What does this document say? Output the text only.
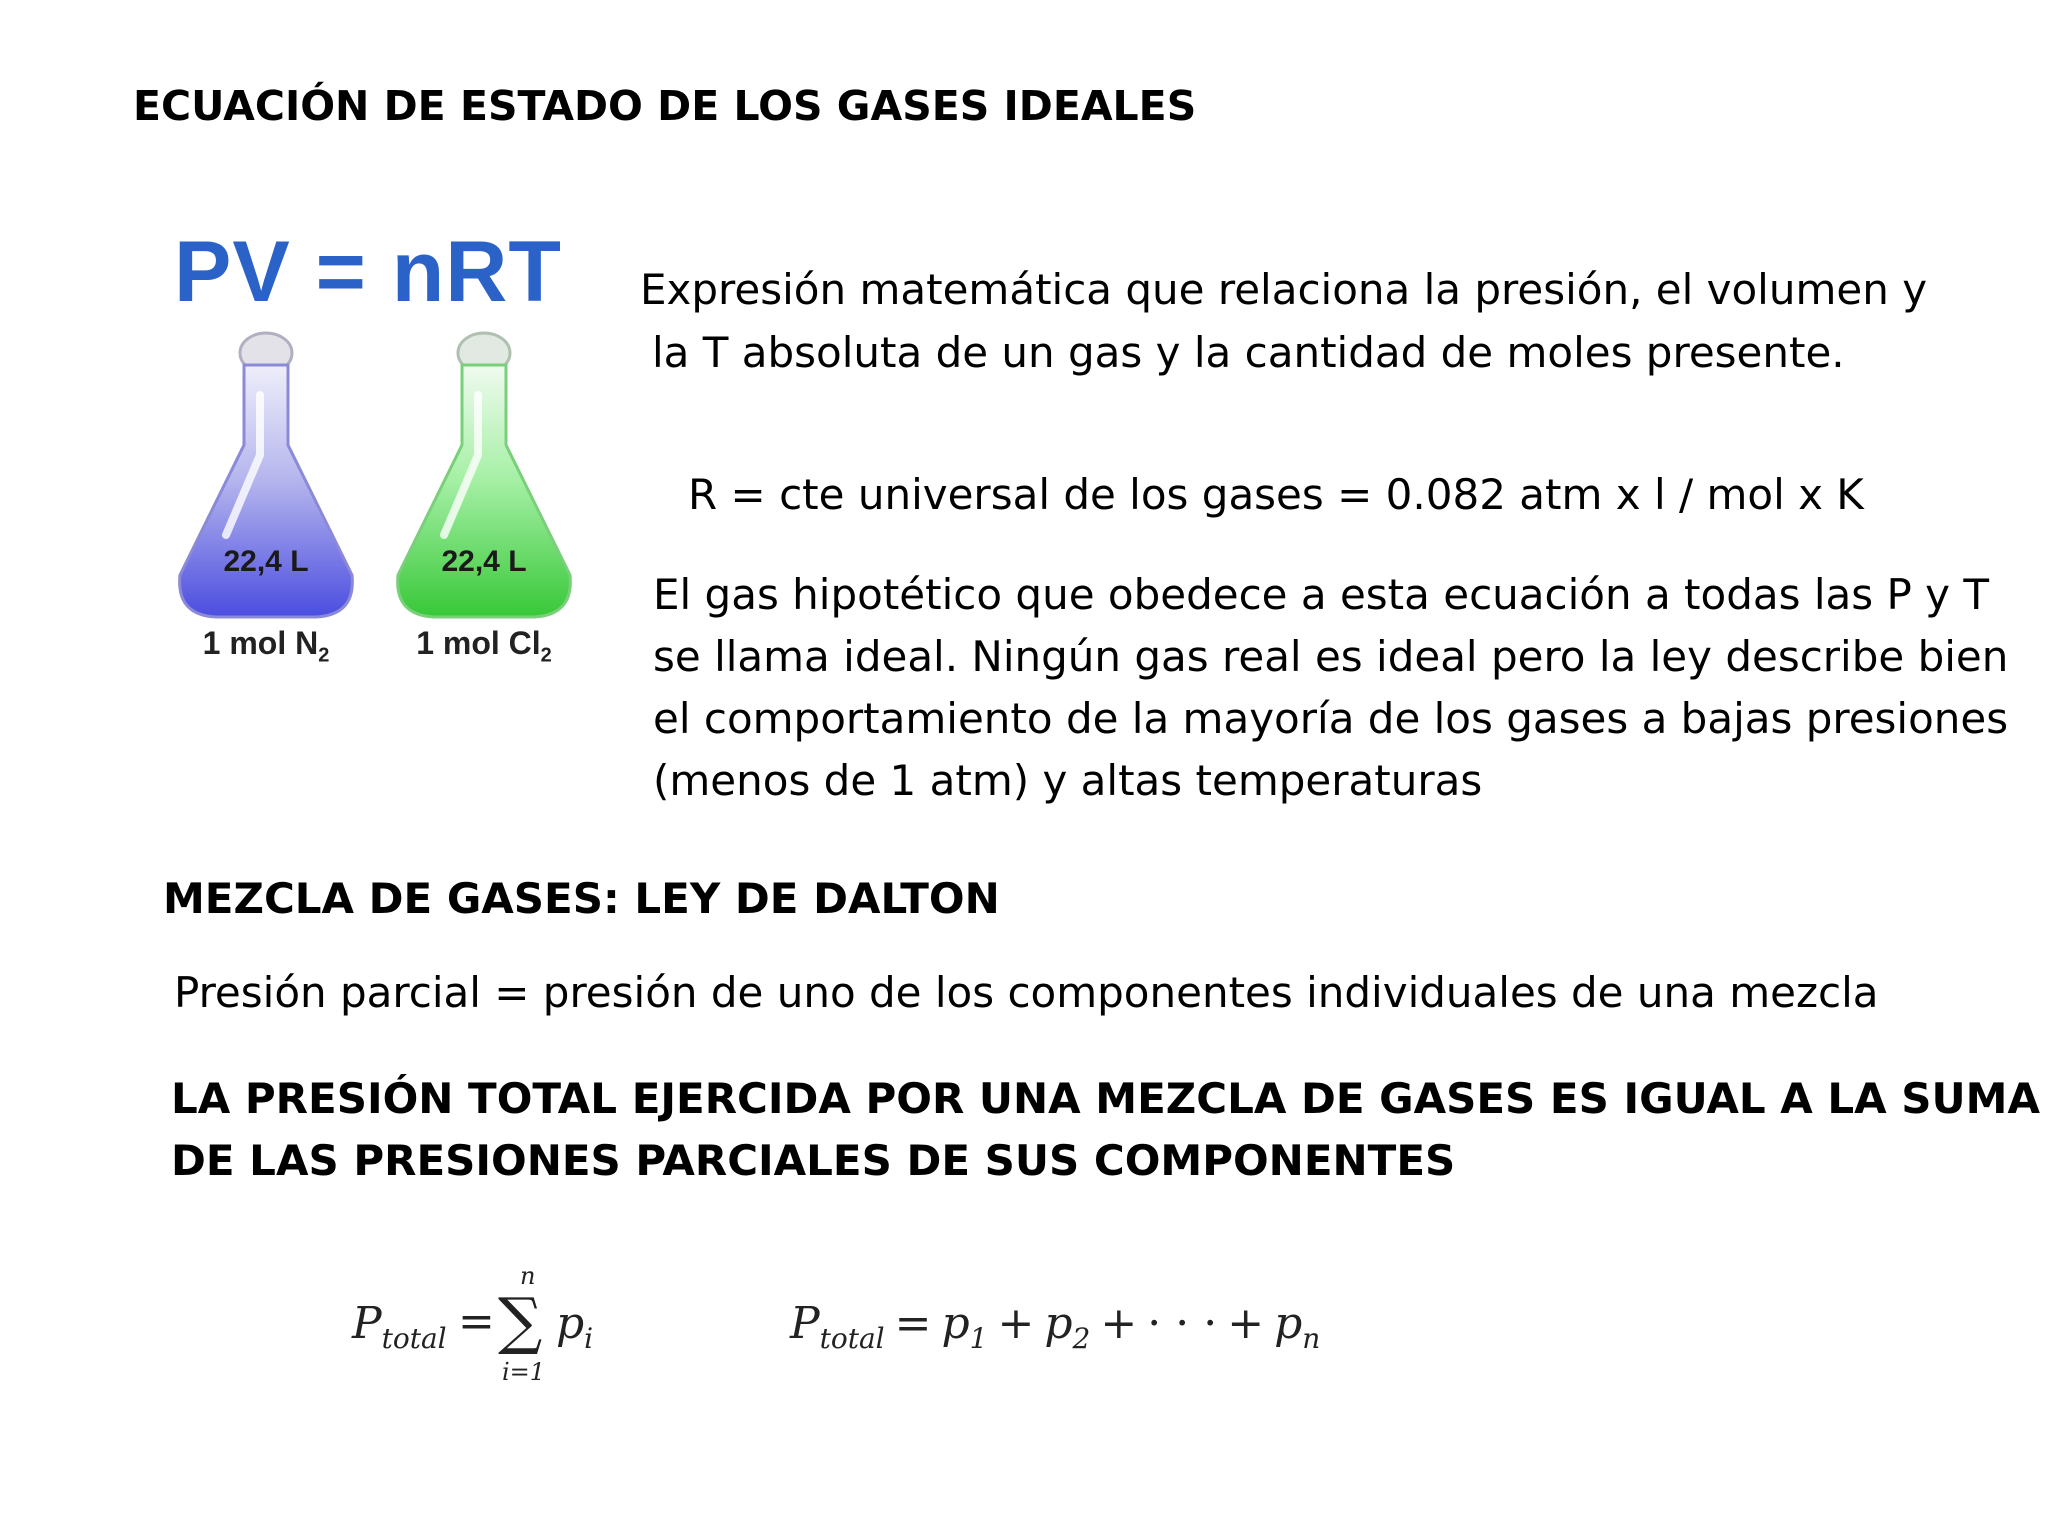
ECUACIÓN DE ESTADO DE LOS GASES IDEALES
PV = nRT
22,4 L
1 mol $N_2$
22,4 L
1 mol $Cl_2$
Expresión matemática que relaciona la presión, el volumen y
la T absoluta de un gas y la cantidad de moles presente.
R = cte universal de los gases = 0.082 atm x l / mol x K
El gas hipotético que obedece a esta ecuación a todas las P y T
se llama ideal. Ningún gas real es ideal pero la ley describe bien
el comportamiento de la mayoría de los gases a bajas presiones
(menos de 1 atm) y altas temperaturas
MEZCLA DE GASES: LEY DE DALTON
Presión parcial = presión de uno de los componentes individuales de una mezcla
LA PRESIÓN TOTAL EJERCIDA POR UNA MEZCLA DE GASES ES IGUAL A LA SUMA
DE LAS PRESIONES PARCIALES DE SUS COMPONENTES
$P_{total}$ =
n
∑
i=1
$p_i$	$P_{total} = p_1 + p_2$ + · · · + $p_n$
